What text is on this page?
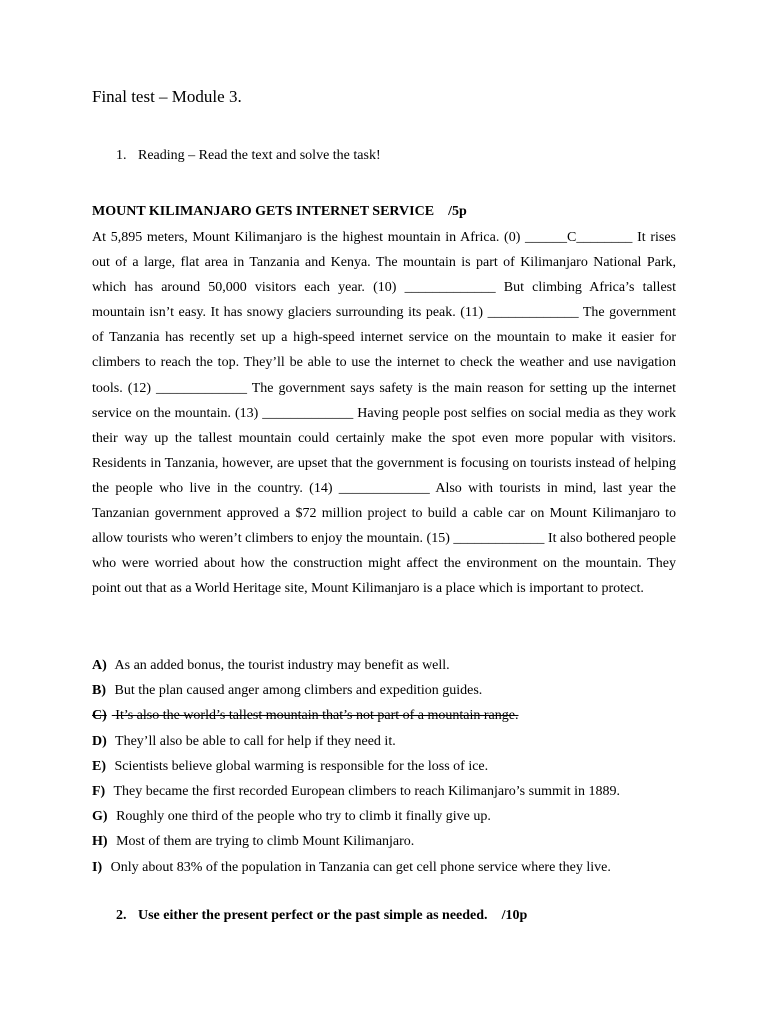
Final test – Module 3.
1. Reading – Read the text and solve the task!
MOUNT KILIMANJARO GETS INTERNET SERVICE /5p

At 5,895 meters, Mount Kilimanjaro is the highest mountain in Africa. (0) ______C________ It rises out of a large, flat area in Tanzania and Kenya. The mountain is part of Kilimanjaro National Park, which has around 50,000 visitors each year. (10) _____________ But climbing Africa’s tallest mountain isn’t easy. It has snowy glaciers surrounding its peak. (11) _____________ The government of Tanzania has recently set up a high-speed internet service on the mountain to make it easier for climbers to reach the top. They’ll be able to use the internet to check the weather and use navigation tools. (12) _____________ The government says safety is the main reason for setting up the internet service on the mountain. (13) _____________ Having people post selfies on social media as they work their way up the tallest mountain could certainly make the spot even more popular with visitors. Residents in Tanzania, however, are upset that the government is focusing on tourists instead of helping the people who live in the country. (14) _____________ Also with tourists in mind, last year the Tanzanian government approved a $72 million project to build a cable car on Mount Kilimanjaro to allow tourists who weren’t climbers to enjoy the mountain. (15) _____________ It also bothered people who were worried about how the construction might affect the environment on the mountain. They point out that as a World Heritage site, Mount Kilimanjaro is a place which is important to protect.

A) As an added bonus, the tourist industry may benefit as well.
B) But the plan caused anger among climbers and expedition guides.
C) It’s also the world’s tallest mountain that’s not part of a mountain range.
D) They’ll also be able to call for help if they need it.
E) Scientists believe global warming is responsible for the loss of ice.
F) They became the first recorded European climbers to reach Kilimanjaro’s summit in 1889.
G) Roughly one third of the people who try to climb it finally give up.
H) Most of them are trying to climb Mount Kilimanjaro.
I) Only about 83% of the population in Tanzania can get cell phone service where they live.
2. Use either the present perfect or the past simple as needed. /10p
